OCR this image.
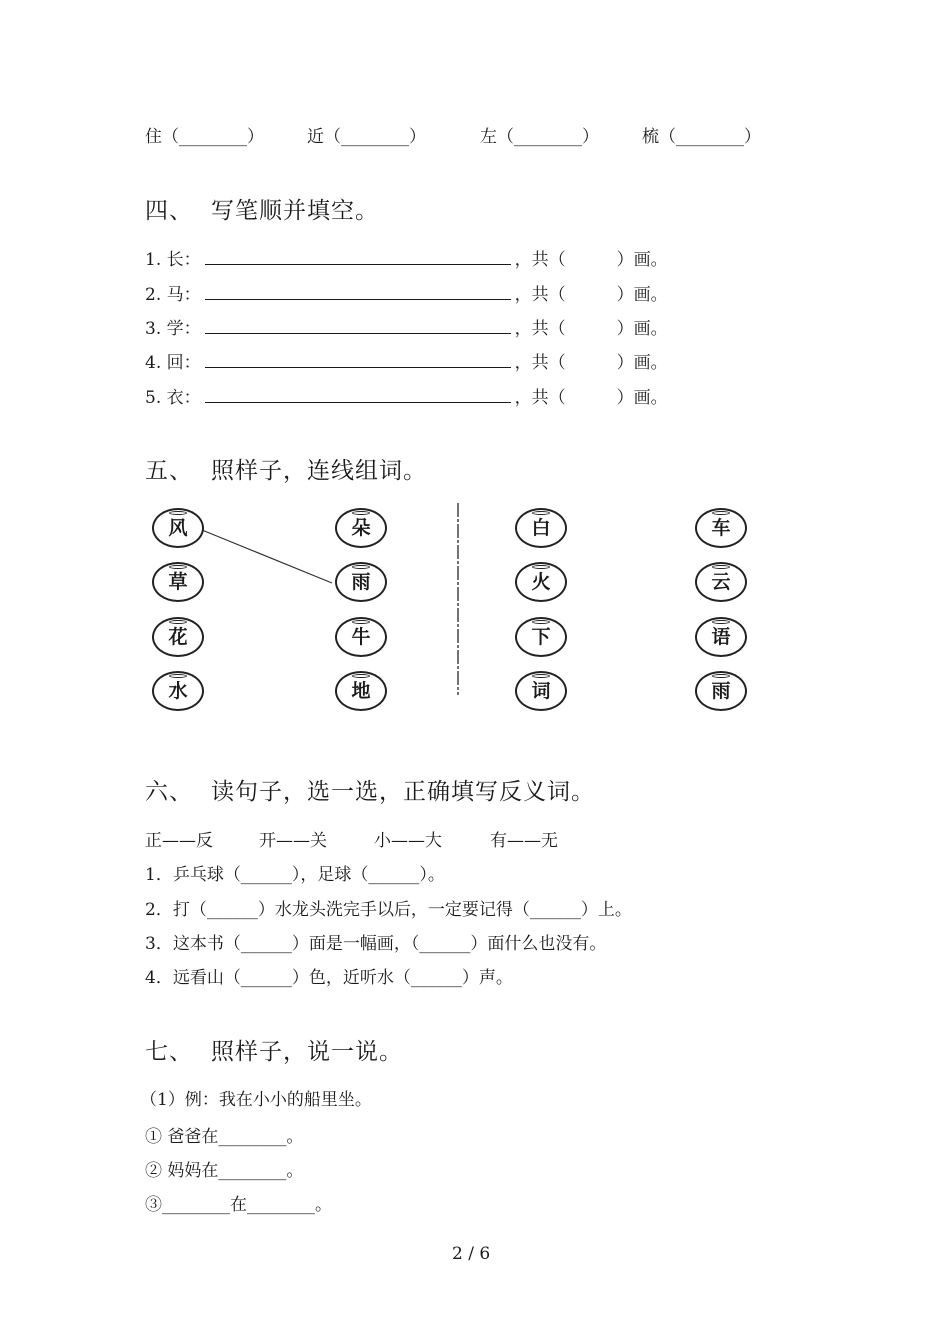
住（________）	近（________）	左（________）	梳（________）
四、 写笔顺并填空。
1. 长：	，共（　　　）画。
2. 马：	，共（　　　）画。
3. 学：	，共（　　　）画。
4. 回：	，共（　　　）画。
5. 衣：	，共（　　　）画。
五、 照样子，连线组词。
风
草
花
水
朵
雨
牛
地
白
火
下
词
车
云
语
雨
六、 读句子，选一选，正确填写反义词。
正——反	开——关	小——大	有——无
1．乒乓球（______），足球（______）。
2．打（______）水龙头洗完手以后，一定要记得（______）上。
3．这本书（______）面是一幅画，（______）面什么也没有。
4．远看山（______）色，近听水（______）声。
七、 照样子，说一说。
（1）例：我在小小的船里坐。
① 爸爸在________。
② 妈妈在________。
③________在________。
2 / 6
